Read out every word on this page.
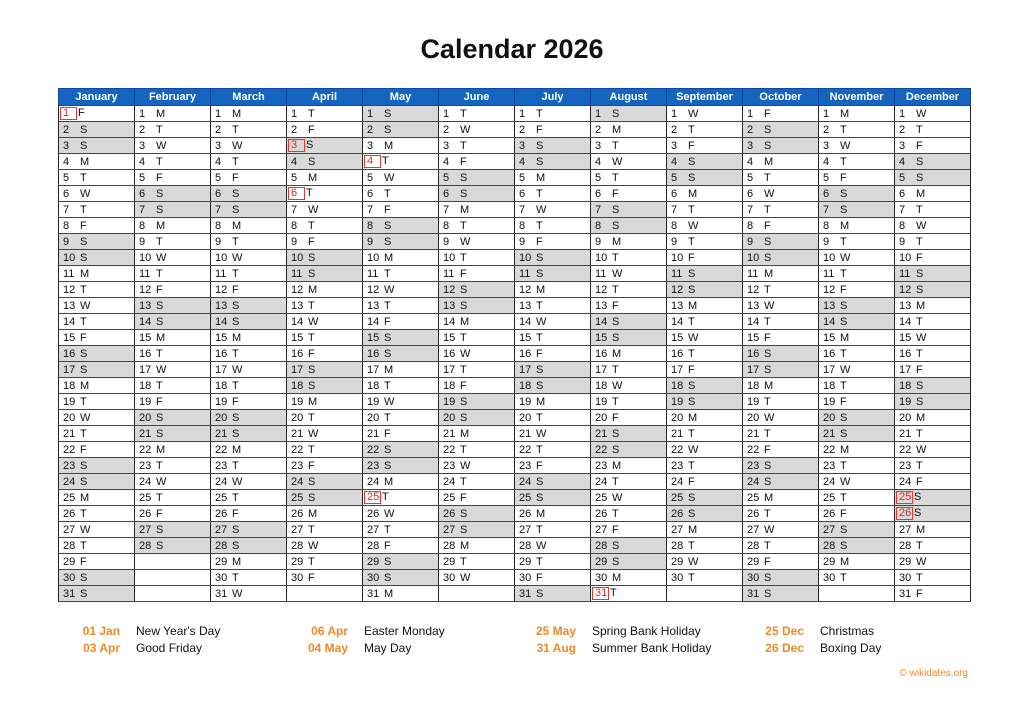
Calendar 2026
January	February	March	April	May	June	July	August	September	October	November	December
1 F	1 M	1 M	1 T	1 S	1 T	1 T	1 S	1 W	1 F	1 M	1 W
2 S	2 T	2 T	2 F	2 S	2 W	2 F	2 M	2 T	2 S	2 T	2 T
3 S	3 W	3 W	3 S	3 M	3 T	3 S	3 T	3 F	3 S	3 W	3 F
4 M	4 T	4 T	4 S	4 T	4 F	4 S	4 W	4 S	4 M	4 T	4 S
5 T	5 F	5 F	5 M	5 W	5 S	5 M	5 T	5 S	5 T	5 F	5 S
6 W	6 S	6 S	6 T	6 T	6 S	6 T	6 F	6 M	6 W	6 S	6 M
7 T	7 S	7 S	7 W	7 F	7 M	7 W	7 S	7 T	7 T	7 S	7 T
8 F	8 M	8 M	8 T	8 S	8 T	8 T	8 S	8 W	8 F	8 M	8 W
9 S	9 T	9 T	9 F	9 S	9 W	9 F	9 M	9 T	9 S	9 T	9 T
10 S	10 W	10 W	10 S	10 M	10 T	10 S	10 T	10 F	10 S	10 W	10 F
11 M	11 T	11 T	11 S	11 T	11 F	11 S	11 W	11 S	11 M	11 T	11 S
12 T	12 F	12 F	12 M	12 W	12 S	12 M	12 T	12 S	12 T	12 F	12 S
13 W	13 S	13 S	13 T	13 T	13 S	13 T	13 F	13 M	13 W	13 S	13 M
14 T	14 S	14 S	14 W	14 F	14 M	14 W	14 S	14 T	14 T	14 S	14 T
15 F	15 M	15 M	15 T	15 S	15 T	15 T	15 S	15 W	15 F	15 M	15 W
16 S	16 T	16 T	16 F	16 S	16 W	16 F	16 M	16 T	16 S	16 T	16 T
17 S	17 W	17 W	17 S	17 M	17 T	17 S	17 T	17 F	17 S	17 W	17 F
18 M	18 T	18 T	18 S	18 T	18 F	18 S	18 W	18 S	18 M	18 T	18 S
19 T	19 F	19 F	19 M	19 W	19 S	19 M	19 T	19 S	19 T	19 F	19 S
20 W	20 S	20 S	20 T	20 T	20 S	20 T	20 F	20 M	20 W	20 S	20 M
21 T	21 S	21 S	21 W	21 F	21 M	21 W	21 S	21 T	21 T	21 S	21 T
22 F	22 M	22 M	22 T	22 S	22 T	22 T	22 S	22 W	22 F	22 M	22 W
23 S	23 T	23 T	23 F	23 S	23 W	23 F	23 M	23 T	23 S	23 T	23 T
24 S	24 W	24 W	24 S	24 M	24 T	24 S	24 T	24 F	24 S	24 W	24 F
25 M	25 T	25 T	25 S	25 T	25 F	25 S	25 W	25 S	25 M	25 T	25 S
26 T	26 F	26 F	26 M	26 W	26 S	26 M	26 T	26 S	26 T	26 F	26 S
27 W	27 S	27 S	27 T	27 T	27 S	27 T	27 F	27 M	27 W	27 S	27 M
28 T	28 S	28 S	28 W	28 F	28 M	28 W	28 S	28 T	28 T	28 S	28 T
29 F		29 M	29 T	29 S	29 T	29 T	29 S	29 W	29 F	29 M	29 W
30 S		30 T	30 F	30 S	30 W	30 F	30 M	30 T	30 S	30 T	30 T
31 S		31 W		31 M		31 S	31 T		31 S		31 F
01 Jan New Year's Day	06 Apr Easter Monday	25 May Spring Bank Holiday	25 Dec Christmas
03 Apr Good Friday	04 May May Day	31 Aug Summer Bank Holiday	26 Dec Boxing Day
© wikidates.org
